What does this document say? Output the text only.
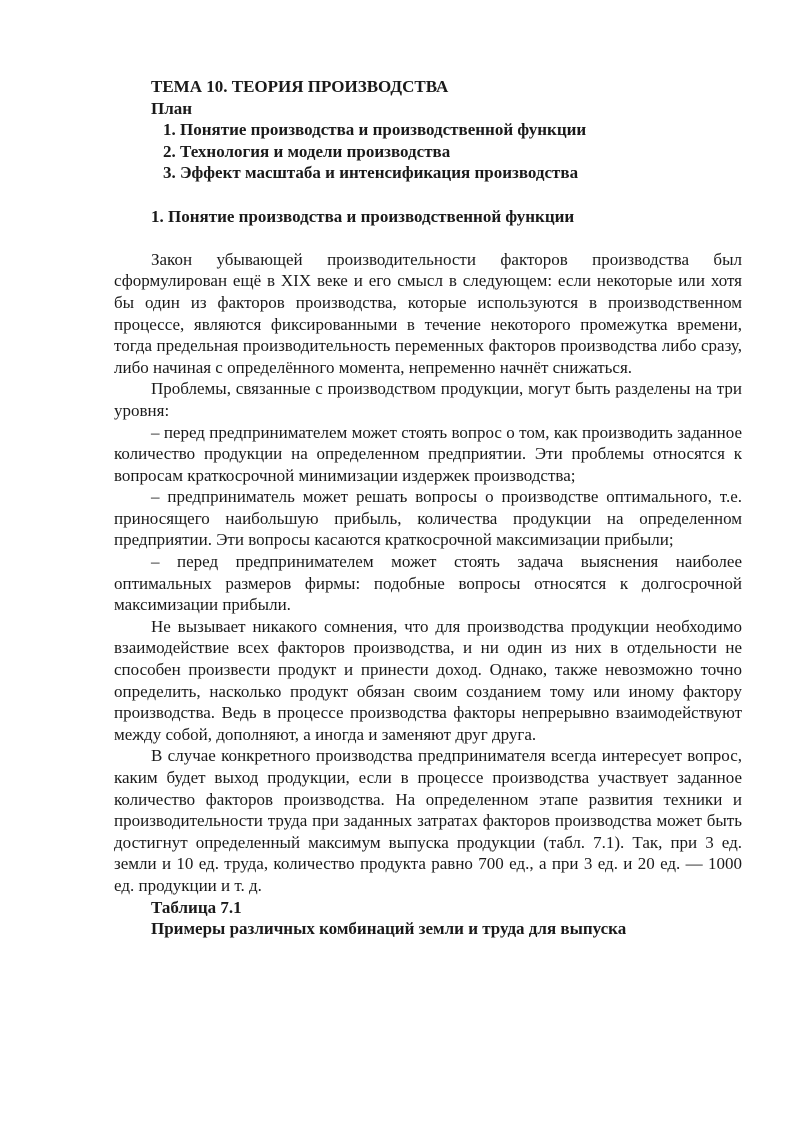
ТЕМА 10. ТЕОРИЯ ПРОИЗВОДСТВА
План
1. Понятие производства и производственной функции
2. Технология и модели производства
3. Эффект масштаба и интенсификация производства
1. Понятие производства и производственной функции

Закон убывающей производительности факторов производства был сформулирован ещё в XIX веке и его смысл в следующем: если некоторые или хотя бы один из факторов производства, которые используются в производственном процессе, являются фиксированными в течение некоторого промежутка времени, тогда предельная производительность переменных факторов производства либо сразу, либо начиная с определённого момента, непременно начнёт снижаться.

Проблемы, связанные с производством продукции, могут быть разделены на три уровня:

– перед предпринимателем может стоять вопрос о том, как производить заданное количество продукции на определенном предприятии. Эти проблемы относятся к вопросам краткосрочной минимизации издержек производства;

– предприниматель может решать вопросы о производстве оптимального, т.е. приносящего наибольшую прибыль, количества продукции на определенном предприятии. Эти вопросы касаются краткосрочной максимизации прибыли;

– перед предпринимателем может стоять задача выяснения наиболее оптимальных размеров фирмы: подобные вопросы относятся к долгосрочной максимизации прибыли.

Не вызывает никакого сомнения, что для производства продукции необходимо взаимодействие всех факторов производства, и ни один из них в отдельности не способен произвести продукт и принести доход. Однако, также невозможно точно определить, насколько продукт обязан своим созданием тому или иному фактору производства. Ведь в процессе производства факторы непрерывно взаимодействуют между собой, дополняют, а иногда и заменяют друг друга.

В случае конкретного производства предпринимателя всегда интересует вопрос, каким будет выход продукции, если в процессе производства участвует заданное количество факторов производства. На определенном этапе развития техники и производительности труда при заданных затратах факторов производства может быть достигнут определенный максимум выпуска продукции (табл. 7.1). Так, при 3 ед. земли и 10 ед. труда, количество продукта равно 700 ед., а при 3 ед. и 20 ед. — 1000 ед. продукции и т. д.

Таблица 7.1
Примеры различных комбинаций земли и труда для выпуска
